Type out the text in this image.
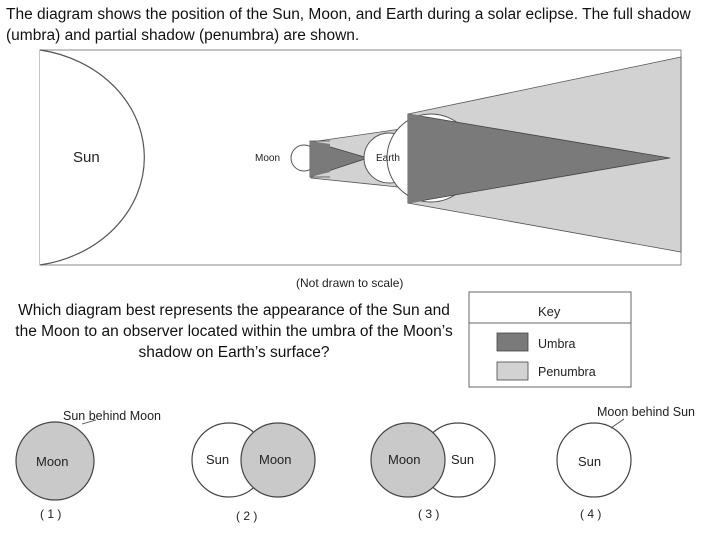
The diagram shows the position of the Sun, Moon, and Earth during a solar eclipse. The full shadow (umbra) and partial shadow (penumbra) are shown.
Sun	Moon	Earth
(Not drawn to scale)
Key
Umbra
Penumbra
Sun behind Moon
Moon
( 1 )
Sun Moon
( 2 )
Moon Sun
( 3 )
Moon behind Sun
Sun
( 4 )
Which diagram best represents the appearance of the Sun and the Moon to an observer located within the umbra of the Moon’s shadow on Earth’s surface?
